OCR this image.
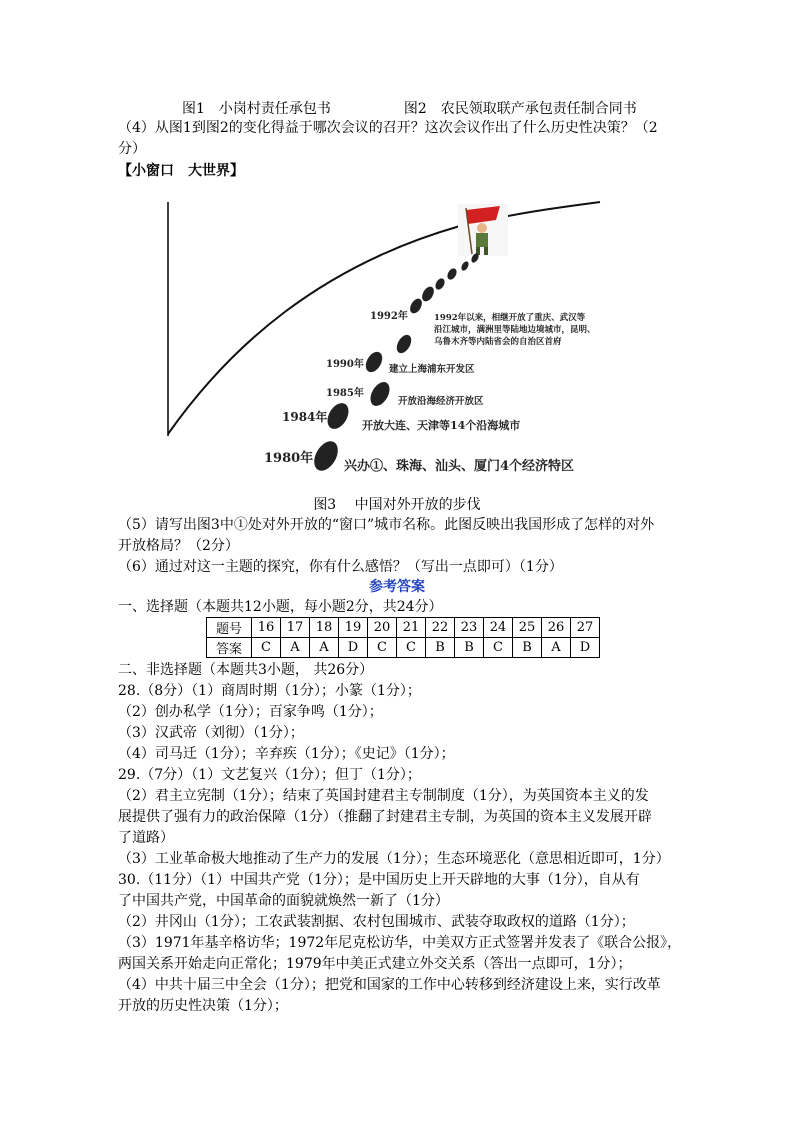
图1　小岗村责任承包书	图2　农民领取联产承包责任制合同书
（4）从图1到图2的变化得益于哪次会议的召开？这次会议作出了什么历史性决策？（2
分）
【小窗口　大世界】
1992年
1990年	建立上海浦东开发区
1985年
开放沿海经济开放区
1984年
开放大连、天津等14个沿海城市
1980年
兴办①、珠海、汕头、厦门4个经济特区
1992年以来，相继开放了重庆、武汉等
沿江城市，满洲里等陆地边境城市，昆明、
乌鲁木齐等内陆省会的自治区首府
图3　 中国对外开放的步伐
（5）请写出图3中①处对外开放的“窗口”城市名称。此图反映出我国形成了怎样的对外
开放格局？（2分）
（6）通过对这一主题的探究，你有什么感悟？（写出一点即可）（1分）
参考答案
一、选择题（本题共12小题，每小题2分，共24分）
题号	16	17	18	19	20	21	22	23	24	25	26	27
答案	C	A	A	D	C	C	B	B	C	B	A	D
二、非选择题（本题共3小题， 共26分）
28.（8分）（1）商周时期（1分）；小篆（1分）；
（2）创办私学（1分）；百家争鸣（1分）；
（3）汉武帝（刘彻）（1分）；
（4）司马迁（1分）；辛弃疾（1分）；《史记》（1分）；
29.（7分）（1）文艺复兴（1分）；但丁（1分）；
（2）君主立宪制（1分）；结束了英国封建君主专制制度（1分），为英国资本主义的发
展提供了强有力的政治保障（1分）（推翻了封建君主专制，为英国的资本主义发展开辟
了道路）
（3）工业革命极大地推动了生产力的发展（1分）；生态环境恶化（意思相近即可，1分）
30.（11分）（1）中国共产党（1分）；是中国历史上开天辟地的大事（1分），自从有
了中国共产党，中国革命的面貌就焕然一新了（1分）
（2）井冈山（1分）；工农武装割据、农村包围城市、武装夺取政权的道路（1分）；
（3）1971年基辛格访华；1972年尼克松访华，中美双方正式签署并发表了《联合公报》，
两国关系开始走向正常化；1979年中美正式建立外交关系（答出一点即可，1分）；
（4）中共十届三中全会（1分）；把党和国家的工作中心转移到经济建设上来，实行改革
开放的历史性决策（1分）；
